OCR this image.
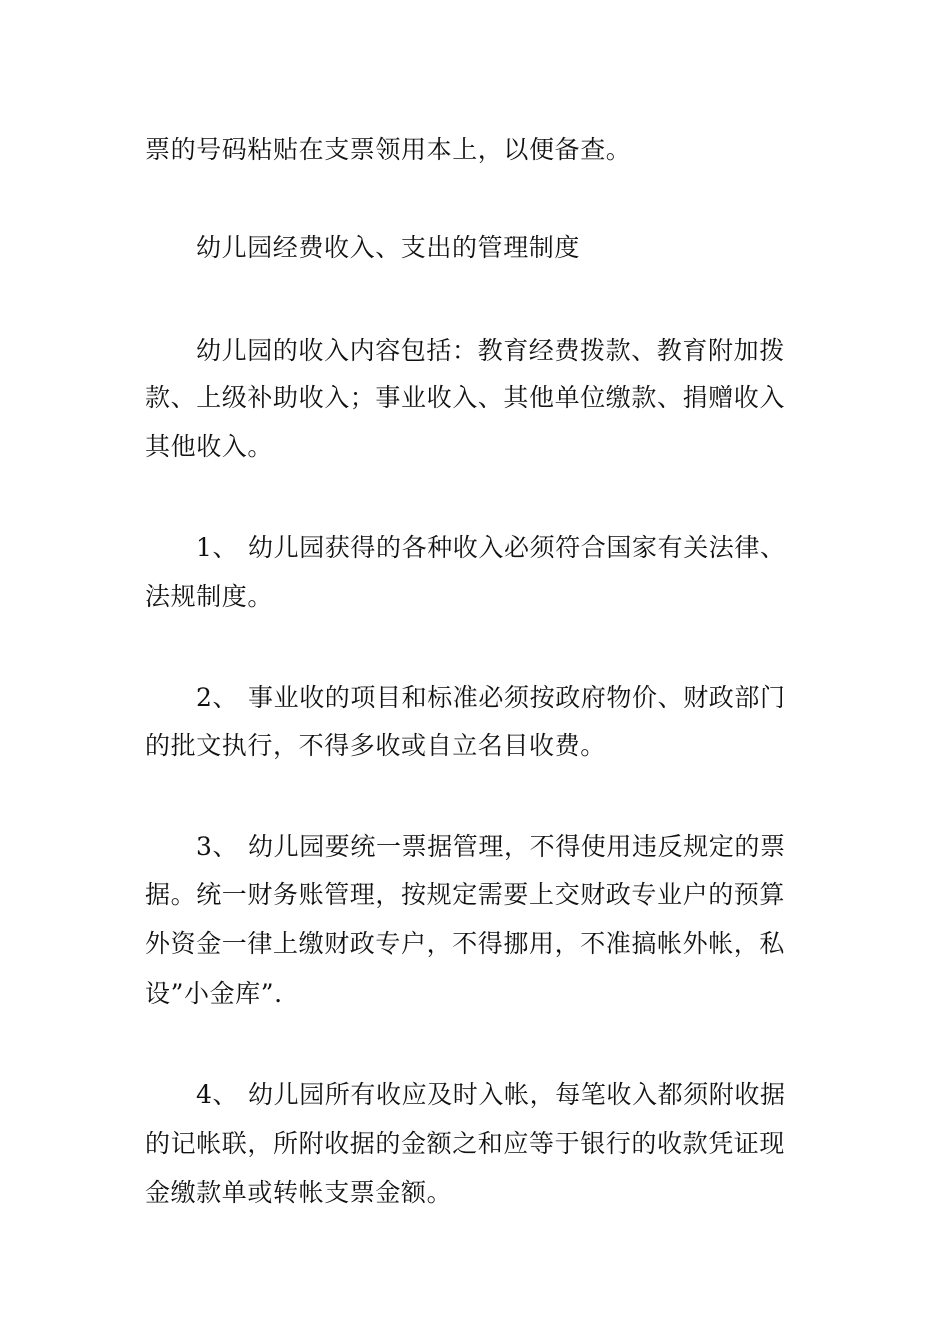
票的号码粘贴在支票领用本上，以便备查。
幼儿园经费收入、支出的管理制度
幼儿园的收入内容包括：教育经费拨款、教育附加拨
款、上级补助收入；事业收入、其他单位缴款、捐赠收入
其他收入。
1、 幼儿园获得的各种收入必须符合国家有关法律、
法规制度。
2、 事业收的项目和标准必须按政府物价、财政部门
的批文执行，不得多收或自立名目收费。
3、 幼儿园要统一票据管理，不得使用违反规定的票
据。统一财务账管理，按规定需要上交财政专业户的预算
外资金一律上缴财政专户，不得挪用，不准搞帐外帐，私
设”小金库”.
4、 幼儿园所有收应及时入帐，每笔收入都须附收据
的记帐联，所附收据的金额之和应等于银行的收款凭证现
金缴款单或转帐支票金额。
